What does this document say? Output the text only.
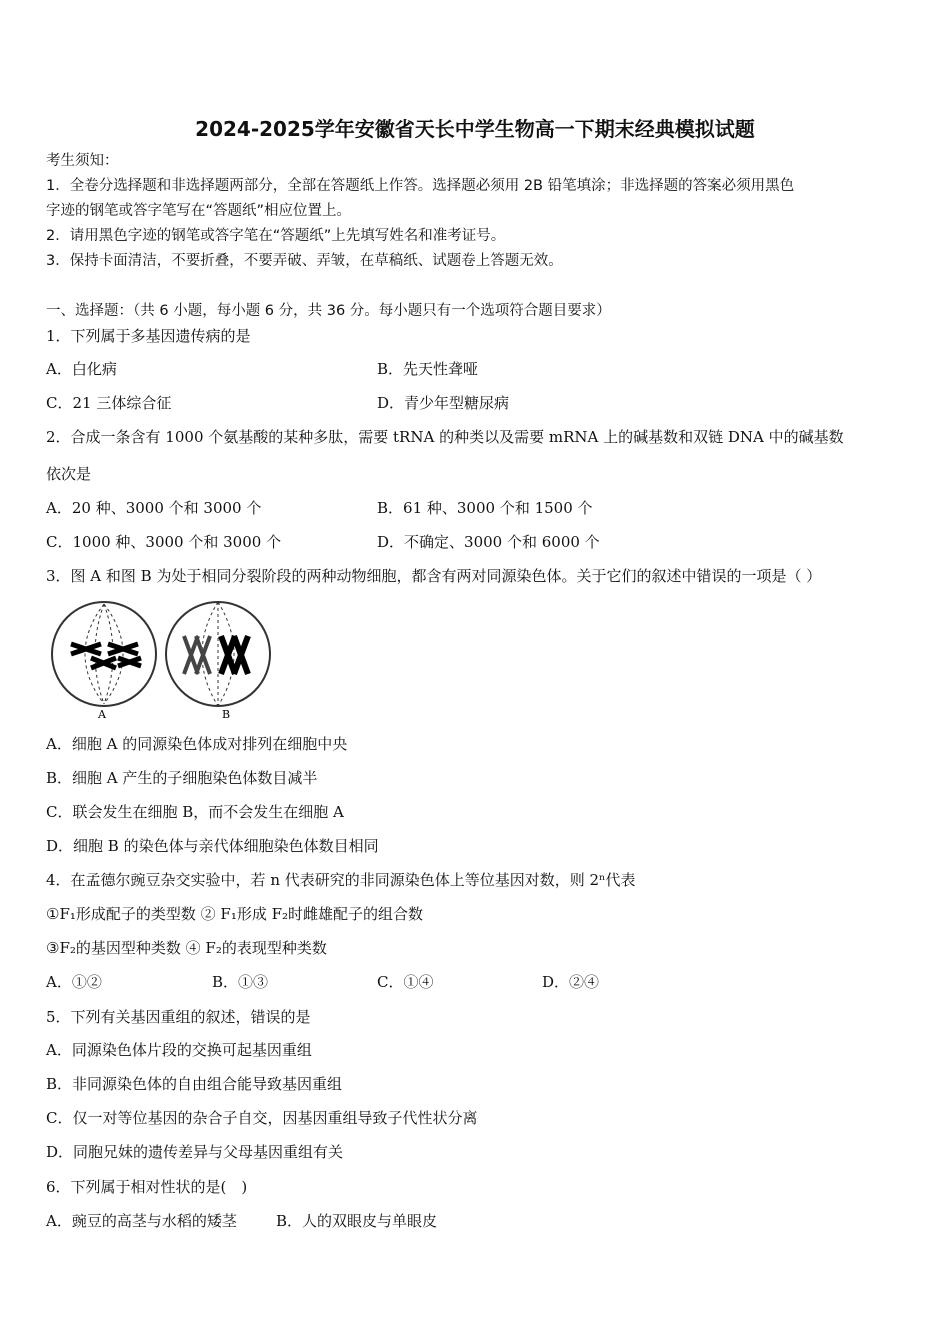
2024-2025学年安徽省天长中学生物高一下期末经典模拟试题
考生须知：
1．全卷分选择题和非选择题两部分，全部在答题纸上作答。选择题必须用 2B 铅笔填涂；非选择题的答案必须用黑色
字迹的钢笔或答字笔写在“答题纸”相应位置上。
2．请用黑色字迹的钢笔或答字笔在“答题纸”上先填写姓名和准考证号。
3．保持卡面清洁，不要折叠，不要弄破、弄皱，在草稿纸、试题卷上答题无效。
一、选择题：（共 6 小题，每小题 6 分，共 36 分。每小题只有一个选项符合题目要求）
1．下列属于多基因遗传病的是
A．白化病	B．先天性聋哑
C．21 三体综合征	D．青少年型糖尿病
2．合成一条含有 1000 个氨基酸的某种多肽，需要 tRNA 的种类以及需要 mRNA 上的碱基数和双链 DNA 中的碱基数
依次是
A．20 种、3000 个和 3000 个	B．61 种、3000 个和 1500 个
C．1000 种、3000 个和 3000 个	D．不确定、3000 个和 6000 个
3．图 A 和图 B 为处于相同分裂阶段的两种动物细胞，都含有两对同源染色体。关于它们的叙述中错误的一项是（ ）
A	B
A．细胞 A 的同源染色体成对排列在细胞中央
B．细胞 A 产生的子细胞染色体数目减半
C．联会发生在细胞 B，而不会发生在细胞 A
D．细胞 B 的染色体与亲代体细胞染色体数目相同
4．在孟德尔豌豆杂交实验中，若 n 代表研究的非同源染色体上等位基因对数，则 2ⁿ代表
①F₁形成配子的类型数 ② F₁形成 F₂时雌雄配子的组合数
③F₂的基因型种类数 ④ F₂的表现型种类数
A．①②	B．①③	C．①④	D．②④
5．下列有关基因重组的叙述，错误的是
A．同源染色体片段的交换可起基因重组
B．非同源染色体的自由组合能导致基因重组
C．仅一对等位基因的杂合子自交，因基因重组导致子代性状分离
D．同胞兄妹的遗传差异与父母基因重组有关
6．下列属于相对性状的是(　)
A．豌豆的高茎与水稻的矮茎	B．人的双眼皮与单眼皮
